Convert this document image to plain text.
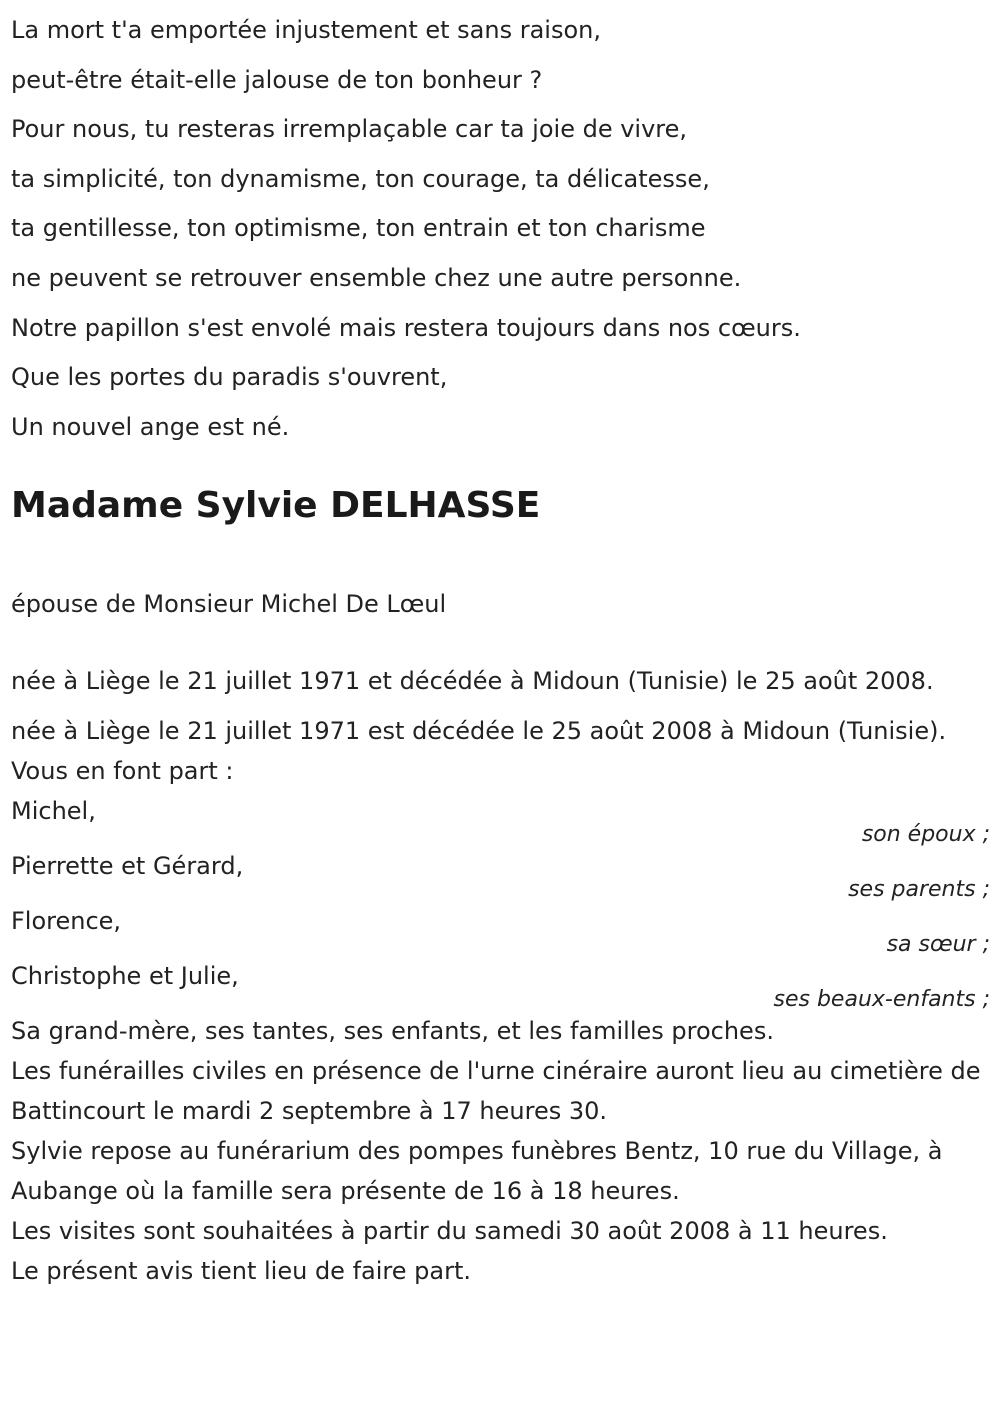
La mort t'a emportée injustement et sans raison,
peut-être était-elle jalouse de ton bonheur ?
Pour nous, tu resteras irremplaçable car ta joie de vivre,
ta simplicité, ton dynamisme, ton courage, ta délicatesse,
ta gentillesse, ton optimisme, ton entrain et ton charisme
ne peuvent se retrouver ensemble chez une autre personne.
Notre papillon s'est envolé mais restera toujours dans nos cœurs.
Que les portes du paradis s'ouvrent,
Un nouvel ange est né.
Madame Sylvie DELHASSE
épouse de Monsieur Michel De Lœul
née à Liège le 21 juillet 1971 et décédée à Midoun (Tunisie) le 25 août 2008.
née à Liège le 21 juillet 1971 est décédée le 25 août 2008 à Midoun (Tunisie).
Vous en font part :
Michel,
son époux ;
Pierrette et Gérard,
ses parents ;
Florence,
sa sœur ;
Christophe et Julie,
ses beaux-enfants ;
Sa grand-mère, ses tantes, ses enfants, et les familles proches.
Les funérailles civiles en présence de l'urne cinéraire auront lieu au cimetière de Battincourt le mardi 2 septembre à 17 heures 30.
Sylvie repose au funérarium des pompes funèbres Bentz, 10 rue du Village, à Aubange où la famille sera présente de 16 à 18 heures.
Les visites sont souhaitées à partir du samedi 30 août 2008 à 11 heures.
Le présent avis tient lieu de faire part.
